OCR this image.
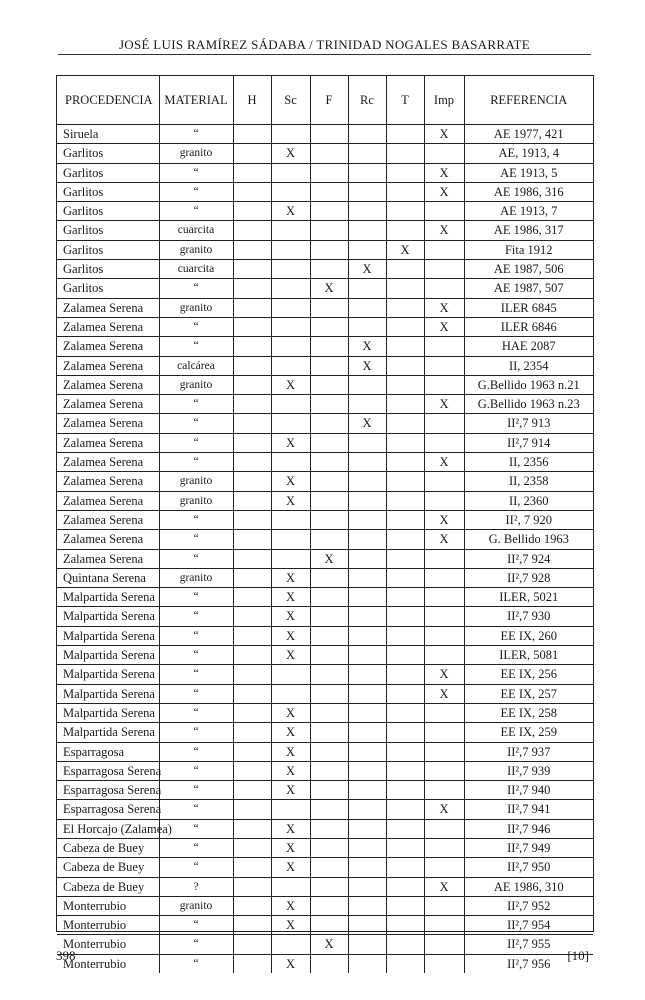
JOSÉ LUIS RAMÍREZ SÁDABA / TRINIDAD NOGALES BASARRATE
PROCEDENCIA	MATERIAL	H	Sc	F	Rc	T	Imp	REFERENCIA
Siruela	“						X	AE 1977, 421
Garlitos	granito		X					AE, 1913, 4
Garlitos	“						X	AE 1913, 5
Garlitos	“						X	AE 1986, 316
Garlitos	“		X					AE 1913, 7
Garlitos	cuarcita						X	AE 1986, 317
Garlitos	granito					X		Fita 1912
Garlitos	cuarcita				X			AE 1987, 506
Garlitos	“			X				AE 1987, 507
Zalamea Serena	granito						X	ILER 6845
Zalamea Serena	“						X	ILER 6846
Zalamea Serena	“				X			HAE 2087
Zalamea Serena	calcárea				X			II, 2354
Zalamea Serena	granito		X					G.Bellido 1963 n.21
Zalamea Serena	“						X	G.Bellido 1963 n.23
Zalamea Serena	“				X			II²,7 913
Zalamea Serena	“		X					II²,7 914
Zalamea Serena	“						X	II, 2356
Zalamea Serena	granito		X					II, 2358
Zalamea Serena	granito		X					II, 2360
Zalamea Serena	“						X	II², 7 920
Zalamea Serena	“						X	G. Bellido 1963
Zalamea Serena	“			X				II²,7 924
Quintana Serena	granito		X					II²,7 928
Malpartida Serena	“		X					ILER, 5021
Malpartida Serena	“		X					II²,7 930
Malpartida Serena	“		X					EE IX, 260
Malpartida Serena	“		X					ILER, 5081
Malpartida Serena	“						X	EE IX, 256
Malpartida Serena	“						X	EE IX, 257
Malpartida Serena	“		X					EE IX, 258
Malpartida Serena	“		X					EE IX, 259
Esparragosa	“		X					II²,7 937
Esparragosa Serena	“		X					II²,7 939
Esparragosa Serena	“		X					II²,7 940
Esparragosa Serena	“						X	II²,7 941
El Horcajo (Zalamea)	“		X					II²,7 946
Cabeza de Buey	“		X					II²,7 949
Cabeza de Buey	“		X					II²,7 950
Cabeza de Buey	?						X	AE 1986, 310
Monterrubio	granito		X					II²,7 952
Monterrubio	“		X					II²,7 954
Monterrubio	“			X				II²,7 955
Monterrubio	“		X					II²,7 956
398	[10]
